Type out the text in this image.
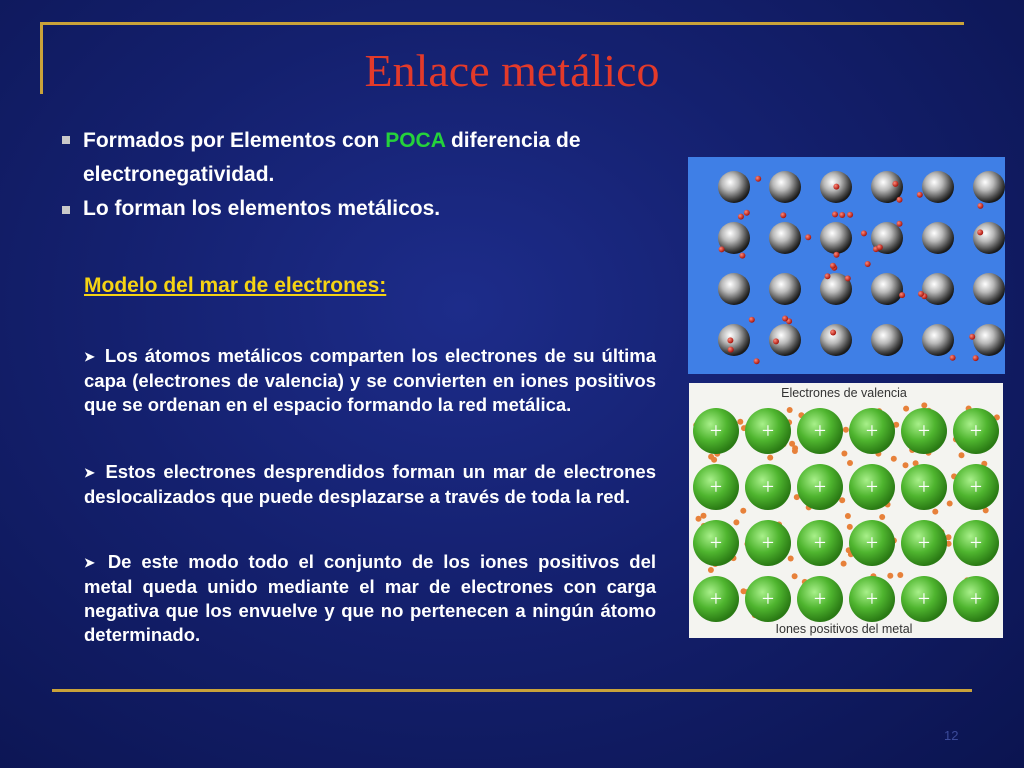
Enlace metálico
Formados por Elementos con POCA diferencia de electronegatividad.
Lo forman los elementos metálicos.
Modelo del mar de electrones:
➤ Los átomos metálicos comparten los electrones de su última capa (electrones de valencia) y se convierten en iones positivos que se ordenan en el espacio formando la red metálica.
➤ Estos electrones desprendidos forman un mar de electrones deslocalizados que puede desplazarse a través de toda la red.
➤ De este modo todo el conjunto de los iones positivos del metal queda unido mediante el mar de electrones con carga negativa que los envuelve y que no pertenecen a ningún átomo determinado.
+ + + + + +
+ + + + + +
+ + + + + +
+ + + + + +
Electrones de valencia
Iones positivos del metal
12
